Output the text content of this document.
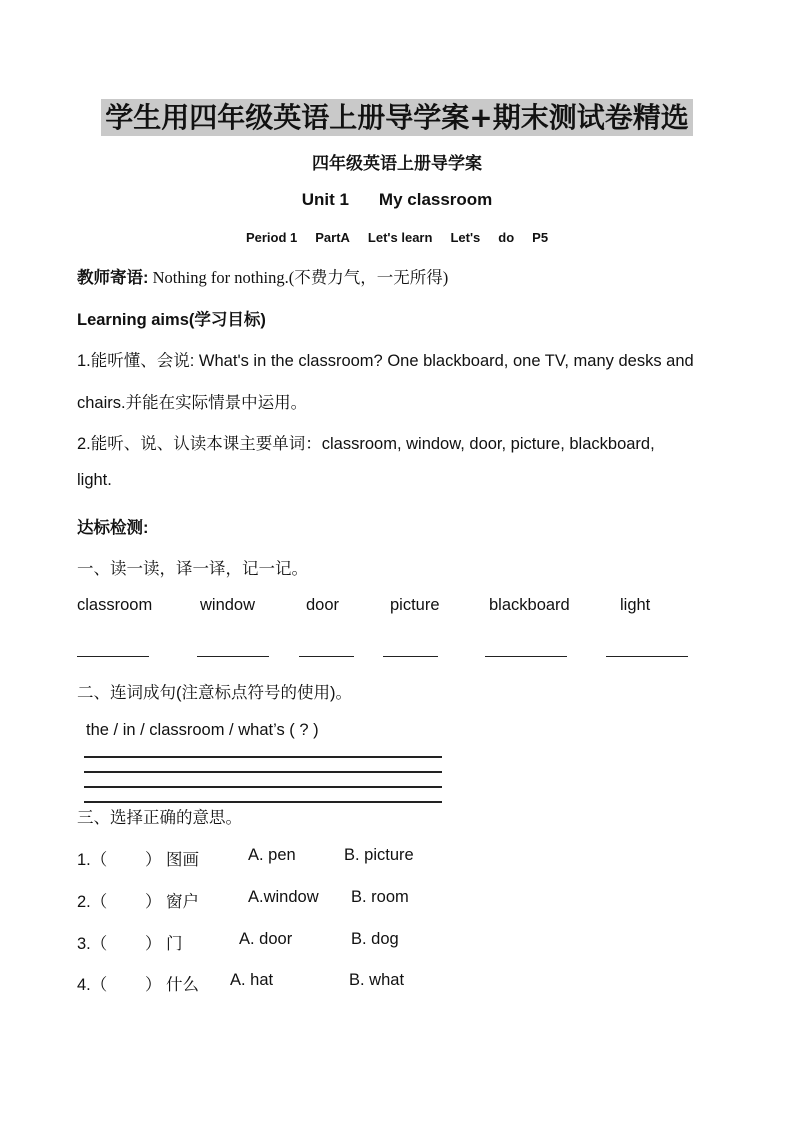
学生用四年级英语上册导学案+期末测试卷精选
四年级英语上册导学案
Unit 1 My classroom
Period 1 PartA Let's learn Let's do P5
教师寄语: Nothing for nothing.(不费力气，一无所得)
Learning aims(学习目标)
1.能听懂、会说: What's in the classroom? One blackboard, one TV, many desks and
chairs.并能在实际情景中运用。
2.能听、说、认读本课主要单词：classroom, window, door, picture, blackboard,
light.
达标检测:
一、读一读，译一译，记一记。
classroom	window	door	picture	blackboard	light
二、连词成句(注意标点符号的使用)。
the / in / classroom / what’s ( ? )
三、选择正确的意思。
1.（ ） 图画	A. pen	B. picture
2.（ ） 窗户	A.window B. room
3.（ ） 门	A. door	B. dog
4.（ ） 什么 A. hat	B. what
